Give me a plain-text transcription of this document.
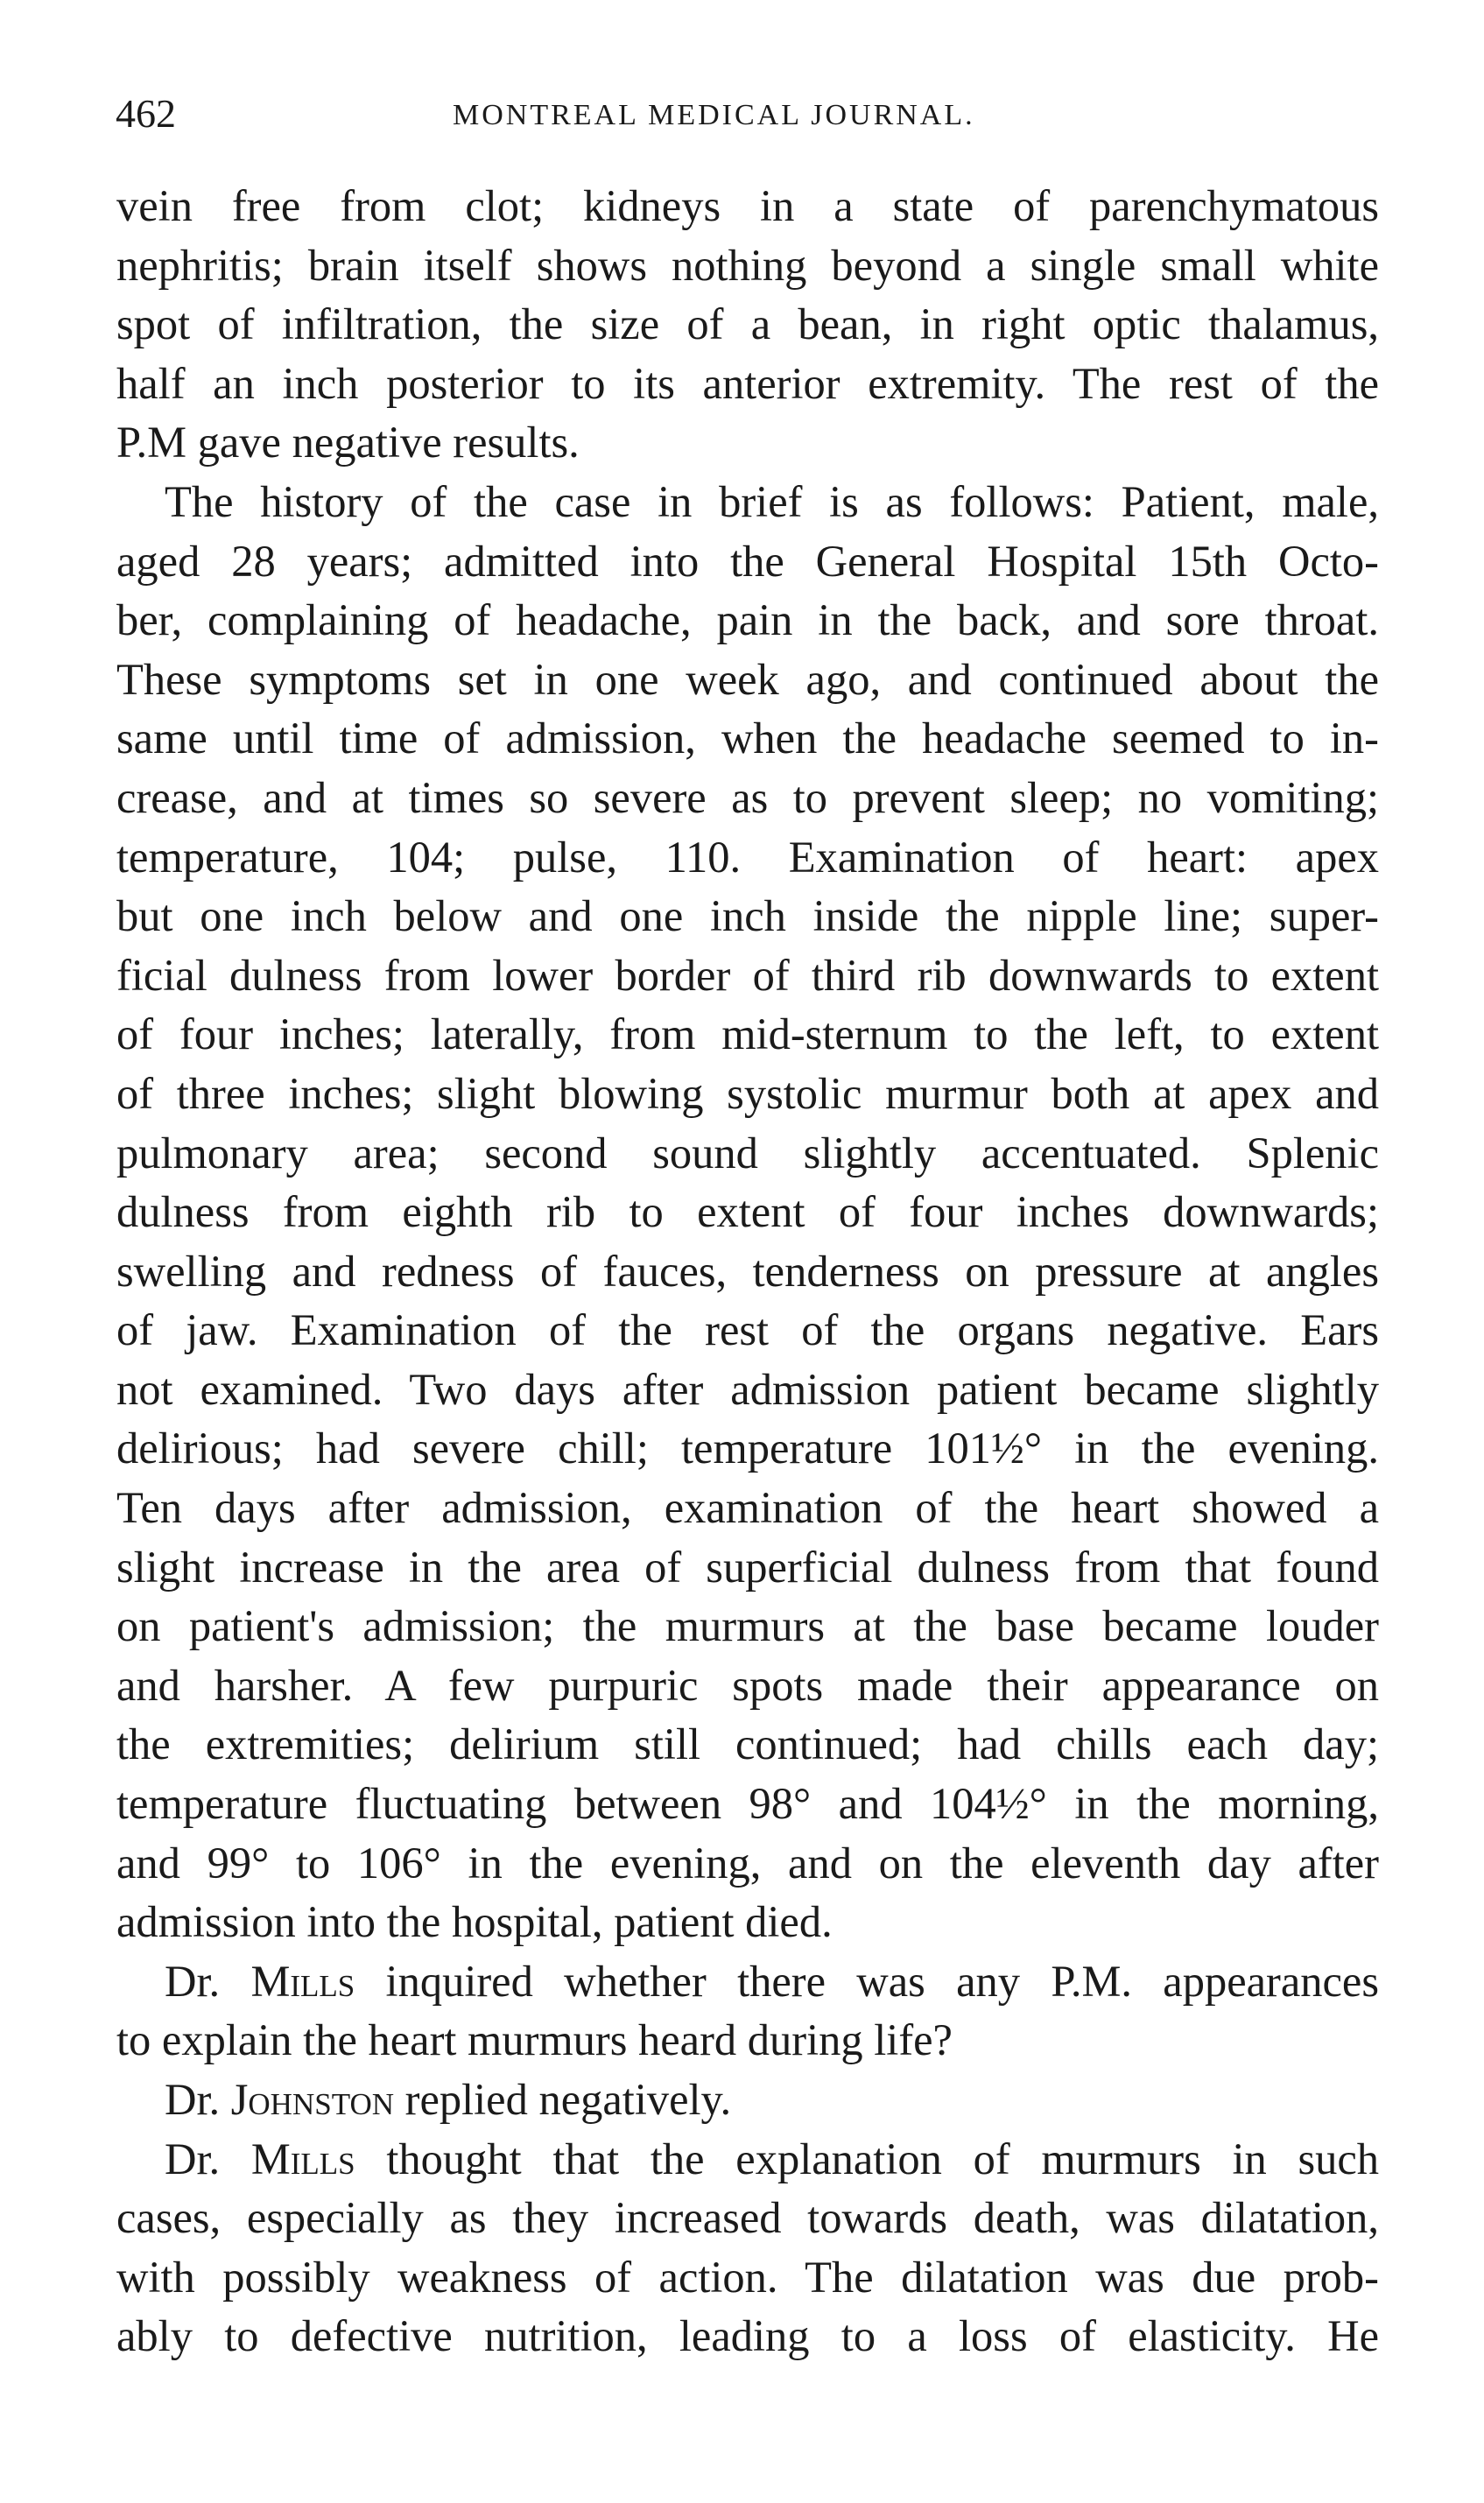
462	MONTREAL MEDICAL JOURNAL.
vein free from clot; kidneys in a state of parenchymatous
nephritis; brain itself shows nothing beyond a single small white
spot of infiltration, the size of a bean, in right optic thalamus,
half an inch posterior to its anterior extremity. The rest of the
P.M gave negative results.
The history of the case in brief is as follows: Patient, male,
aged 28 years; admitted into the General Hospital 15th Octo-
ber, complaining of headache, pain in the back, and sore throat.
These symptoms set in one week ago, and continued about the
same until time of admission, when the headache seemed to in-
crease, and at times so severe as to prevent sleep; no vomiting;
temperature, 104; pulse, 110. Examination of heart: apex
but one inch below and one inch inside the nipple line; super-
ficial dulness from lower border of third rib downwards to extent
of four inches; laterally, from mid-sternum to the left, to extent
of three inches; slight blowing systolic murmur both at apex and
pulmonary area; second sound slightly accentuated. Splenic
dulness from eighth rib to extent of four inches downwards;
swelling and redness of fauces, tenderness on pressure at angles
of jaw. Examination of the rest of the organs negative. Ears
not examined. Two days after admission patient became slightly
delirious; had severe chill; temperature 101½° in the evening.
Ten days after admission, examination of the heart showed a
slight increase in the area of superficial dulness from that found
on patient's admission; the murmurs at the base became louder
and harsher. A few purpuric spots made their appearance on
the extremities; delirium still continued; had chills each day;
temperature fluctuating between 98° and 104½° in the morning,
and 99° to 106° in the evening, and on the eleventh day after
admission into the hospital, patient died.
Dr. Mills inquired whether there was any P.M. appearances
to explain the heart murmurs heard during life?
Dr. Johnston replied negatively.
Dr. Mills thought that the explanation of murmurs in such
cases, especially as they increased towards death, was dilatation,
with possibly weakness of action. The dilatation was due prob-
ably to defective nutrition, leading to a loss of elasticity. He
